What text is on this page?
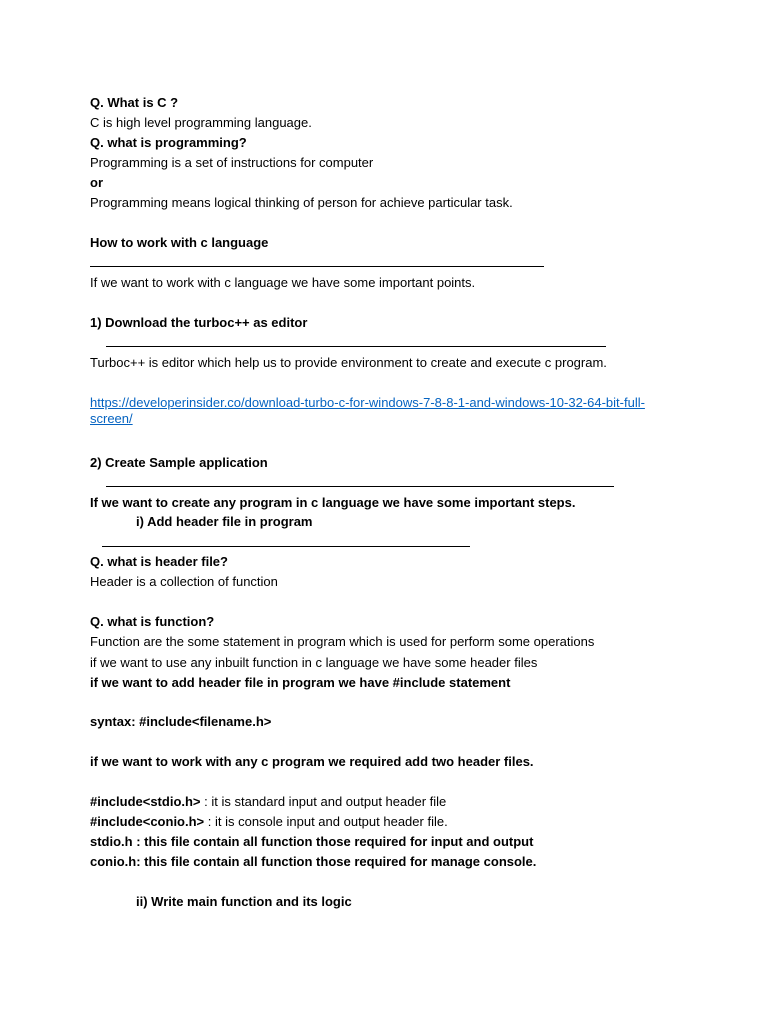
Q. What is C ?
C is high level programming language.
Q. what is programming?
Programming is a set of instructions for computer
or
Programming means logical thinking of person for achieve particular task.
How to work with c language
If we want to work with c language we have some important points.
1) Download the turboc++ as editor
Turboc++ is editor which help us to provide environment to create and execute c program.
https://developerinsider.co/download-turbo-c-for-windows-7-8-8-1-and-windows-10-32-64-bit-full-screen/
2) Create Sample application
If we want to create any program in c language we have some important steps.
i) Add header file in program
Q. what is header file?
Header is a collection of function
Q. what is function?
Function are the some statement in program which is used for perform some operations
if we want to use any inbuilt function in c language we have some header files
if we want to add header file in program we have #include statement
syntax: #include<filename.h>
if we want to work with any c program we required add two header files.
#include<stdio.h> : it is standard input and output header file
#include<conio.h> : it is console input and output header file.
stdio.h : this file contain all function those required for input and output
conio.h: this file contain all function those required for manage console.
ii) Write main function and its logic
